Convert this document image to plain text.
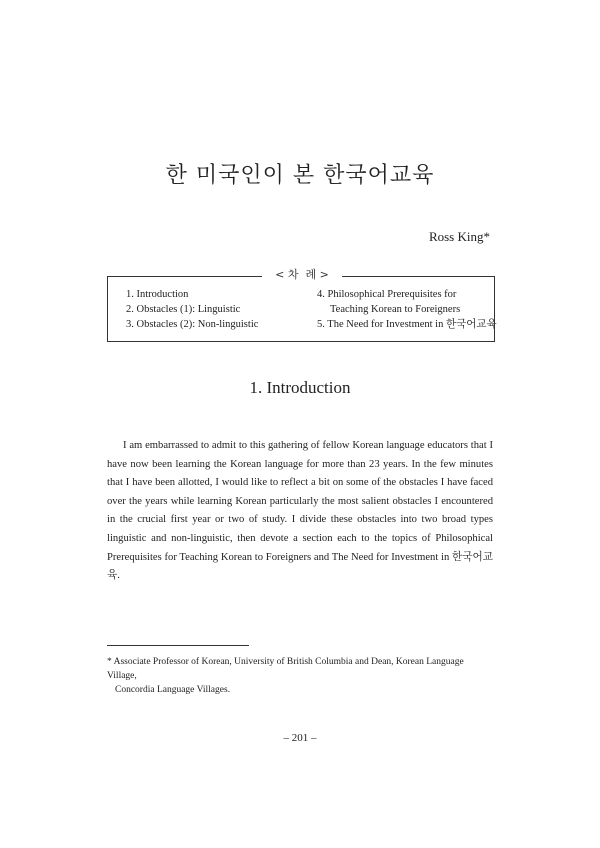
한 미국인이 본 한국어교육
Ross King*
< 차  례 >
1. Introduction
2. Obstacles (1): Linguistic
3. Obstacles (2): Non-linguistic
4. Philosophical Prerequisites for
Teaching Korean to Foreigners
5. The Need for Investment in 한국어교육
1. Introduction
I am embarrassed to admit to this gathering of fellow Korean language educators that I have now been learning the Korean language for more than 23 years. In the few minutes that I have been allotted, I would like to reflect a bit on some of the obstacles I have faced over the years while learning Korean particularly the most salient obstacles I encountered in the crucial first year or two of study. I divide these obstacles into two broad types linguistic and non-linguistic, then devote a section each to the topics of Philosophical Prerequisites for Teaching Korean to Foreigners and The Need for Investment in 한국어교육.
* Associate Professor of Korean, University of British Columbia and Dean, Korean Language Village,
Concordia Language Villages.
– 201 –
